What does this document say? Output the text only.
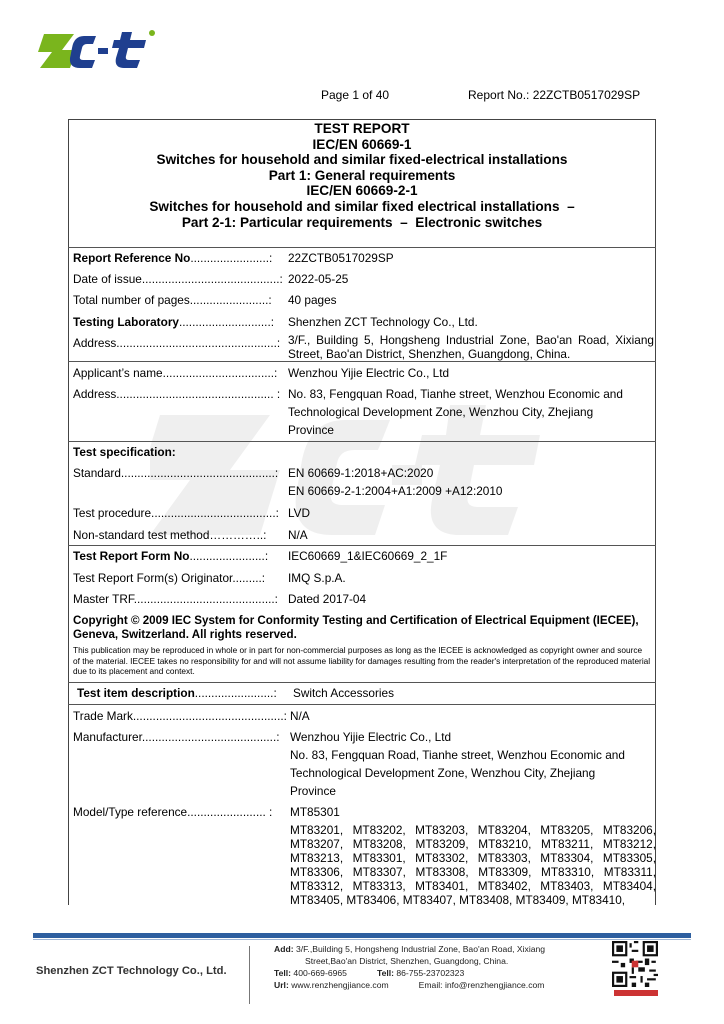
Page 1 of 40	Report No.: 22ZCTB0517029SP
TEST REPORT
IEC/EN 60669-1
Switches for household and similar fixed-electrical installations
Part 1: General requirements
IEC/EN 60669-2-1
Switches for household and similar fixed electrical installations  –
Part 2-1: Particular requirements  –  Electronic switches
Report Reference No........................: 22ZCTB0517029SP
Date of issue..........................................: 2022-05-25
Total number of pages........................: 40 pages
Testing Laboratory............................: Shenzhen ZCT Technology Co., Ltd.
Address.................................................: 3/F., Building 5, Hongsheng Industrial Zone, Bao'an Road, Xixiang Street, Bao'an District, Shenzhen, Guangdong, China.
Applicant’s name..................................: Wenzhou Yijie Electric Co., Ltd
Address................................................ : No. 83, Fengquan Road, Tianhe street, Wenzhou Economic and
Technological Development Zone, Wenzhou City, Zhejiang
Province
Test specification:
Standard...............................................: EN 60669-1:2018+AC:2020
EN 60669-2-1:2004+A1:2009 +A12:2010
Test procedure......................................: LVD
Non-standard test method…………..: N/A
Test Report Form No.......................: IEC60669_1&IEC60669_2_1F
Test Report Form(s) Originator.........: IMQ S.p.A.
Master TRF...........................................: Dated 2017-04
Copyright © 2009 IEC System for Conformity Testing and Certification of Electrical Equipment (IECEE), Geneva, Switzerland. All rights reserved.
This publication may be reproduced in whole or in part for non-commercial purposes as long as the IECEE is acknowledged as copyright owner and source of the material. IECEE takes no responsibility for and will not assume liability for damages resulting from the reader's interpretation of the reproduced material due to its placement and context.
Test item description........................: Switch Accessories
Trade Mark..............................................: N/A
Manufacturer.........................................: Wenzhou Yijie Electric Co., Ltd
No. 83, Fengquan Road, Tianhe street, Wenzhou Economic and
Technological Development Zone, Wenzhou City, Zhejiang
Province
Model/Type reference........................ : MT85301
MT83201, MT83202, MT83203, MT83204, MT83205, MT83206, MT83207, MT83208, MT83209, MT83210, MT83211, MT83212, MT83213, MT83301, MT83302, MT83303, MT83304, MT83305, MT83306, MT83307, MT83308, MT83309, MT83310, MT83311, MT83312, MT83313, MT83401, MT83402, MT83403, MT83404, MT83405, MT83406, MT83407, MT83408, MT83409, MT83410,
Shenzhen ZCT Technology Co., Ltd.
Add: 3/F.,Building 5, Hongsheng Industrial Zone, Bao'an Road, Xixiang
Street,Bao'an District, Shenzhen, Guangdong, China.
Tell: 400-669-6965	Tell: 86-755-23702323
Url: www.renzhengjiance.com	Email: info@renzhengjiance.com
